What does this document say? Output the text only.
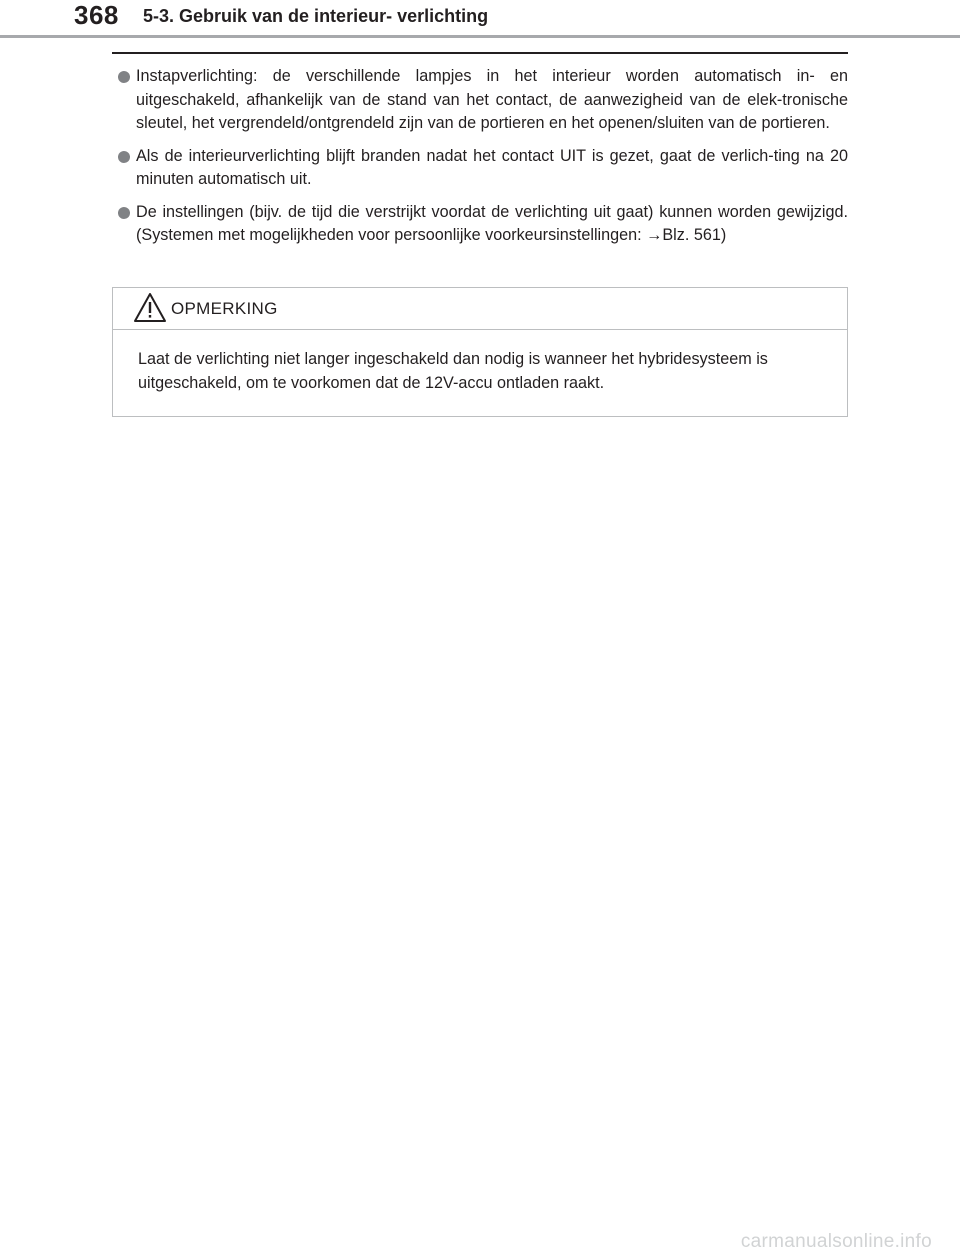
368 5-3. Gebruik van de interieur- verlichting
Instapverlichting: de verschillende lampjes in het interieur worden automatisch in- en uitgeschakeld, afhankelijk van de stand van het contact, de aanwezigheid van de elek-tronische sleutel, het vergrendeld/ontgrendeld zijn van de portieren en het openen/sluiten van de portieren.
Als de interieurverlichting blijft branden nadat het contact UIT is gezet, gaat de verlich-ting na 20 minuten automatisch uit.
De instellingen (bijv. de tijd die verstrijkt voordat de verlichting uit gaat) kunnen worden gewijzigd. (Systemen met mogelijkheden voor persoonlijke voorkeursinstellingen: →Blz. 561)
OPMERKING
Laat de verlichting niet langer ingeschakeld dan nodig is wanneer het hybridesysteem is uitgeschakeld, om te voorkomen dat de 12V-accu ontladen raakt.
carmanualsonline.info
